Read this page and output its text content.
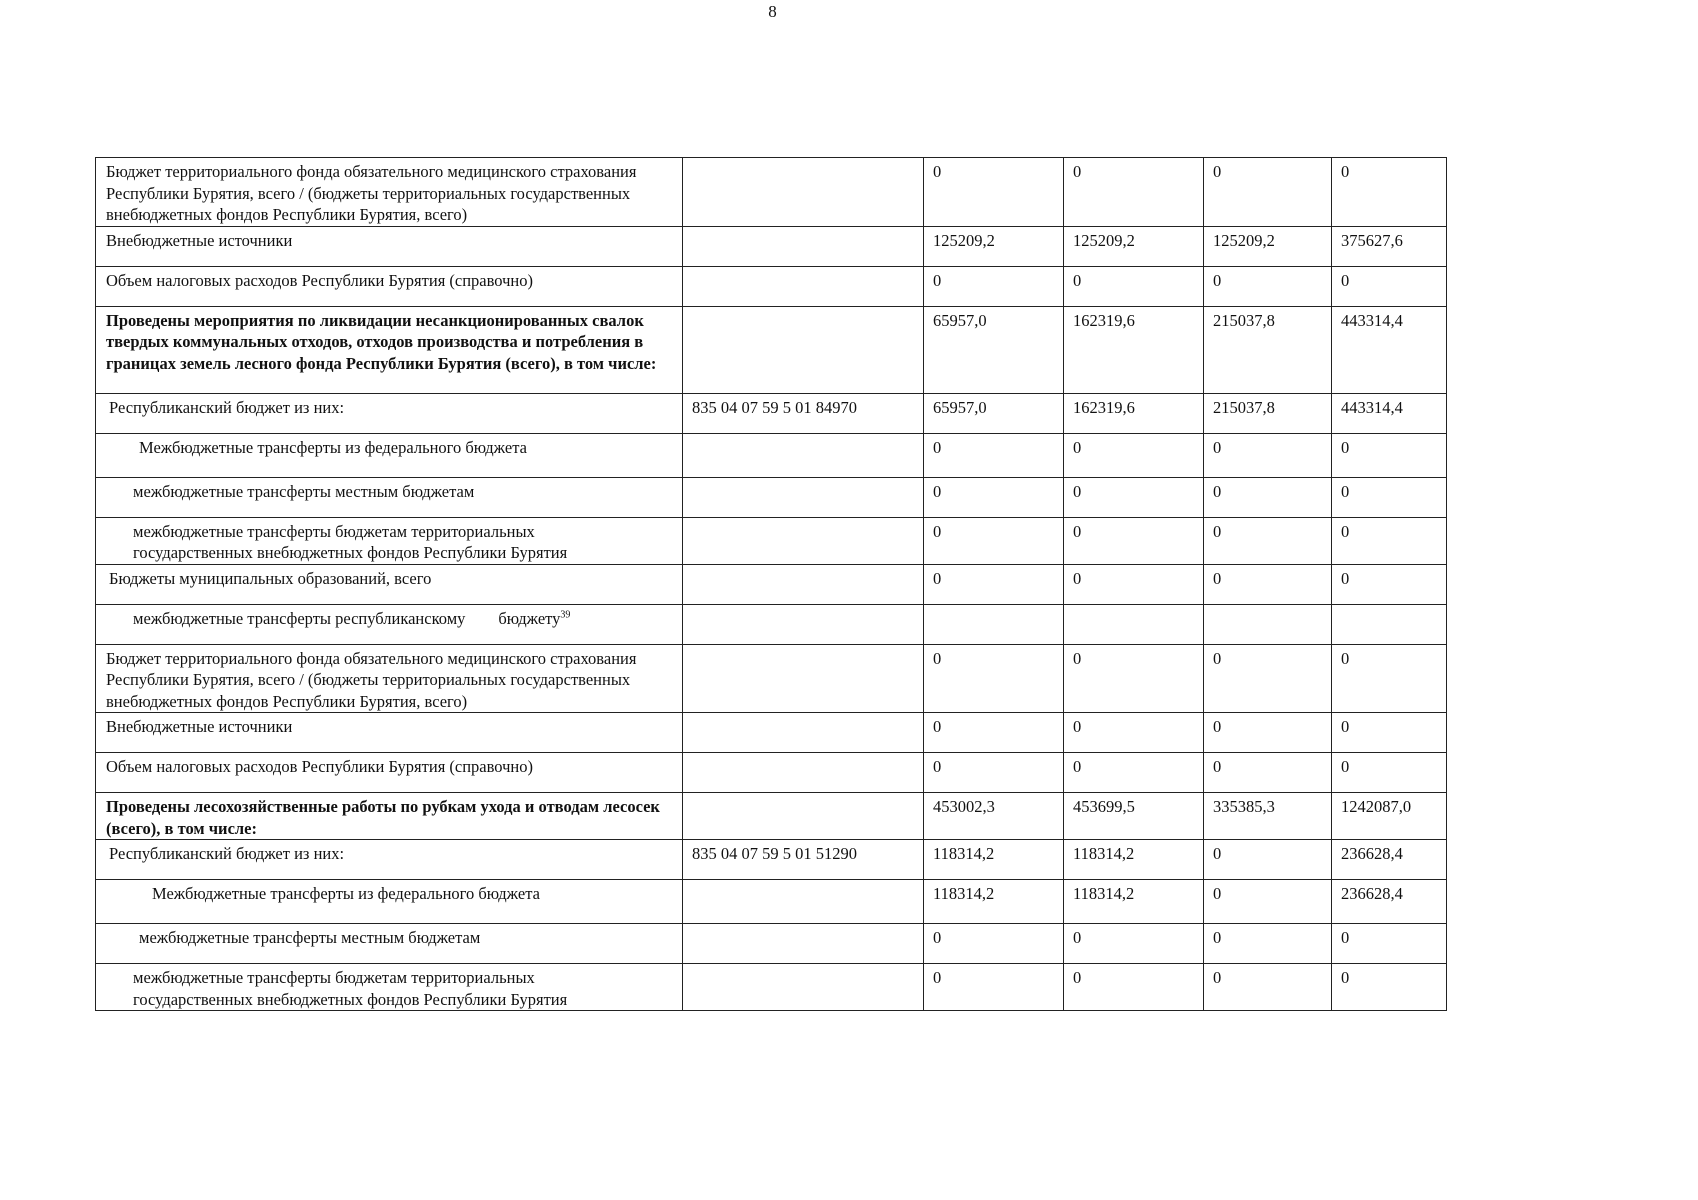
8
Бюджет территориального фонда обязательного медицинского страхования Республики Бурятия, всего / (бюджеты территориальных государственных внебюджетных фондов Республики Бурятия, всего)		0	0	0	0
Внебюджетные источники		125209,2	125209,2	125209,2	375627,6
Объем налоговых расходов Республики Бурятия (справочно)		0	0	0	0
Проведены мероприятия по ликвидации несанкционированных свалок твердых коммунальных отходов, отходов производства и потребления в границах земель лесного фонда Республики Бурятия (всего), в том числе:		65957,0	162319,6	215037,8	443314,4
Республиканский бюджет из них:	835 04 07 59 5 01 84970	65957,0	162319,6	215037,8	443314,4
Межбюджетные трансферты из федерального бюджета		0	0	0	0
межбюджетные трансферты местным бюджетам		0	0	0	0
межбюджетные трансферты бюджетам территориальных государственных внебюджетных фондов Республики Бурятия		0	0	0	0
Бюджеты муниципальных образований, всего		0	0	0	0
межбюджетные трансферты республиканскому        бюджету$^{39}$					
Бюджет территориального фонда обязательного медицинского страхования Республики Бурятия, всего / (бюджеты территориальных государственных внебюджетных фондов Республики Бурятия, всего)		0	0	0	0
Внебюджетные источники		0	0	0	0
Объем налоговых расходов Республики Бурятия (справочно)		0	0	0	0
Проведены лесохозяйственные работы по рубкам ухода и отводам лесосек (всего), в том числе:		453002,3	453699,5	335385,3	1242087,0
Республиканский бюджет из них:	835 04 07 59 5 01 51290	118314,2	118314,2	0	236628,4
Межбюджетные трансферты из федерального бюджета		118314,2	118314,2	0	236628,4
межбюджетные трансферты местным бюджетам		0	0	0	0
межбюджетные трансферты бюджетам территориальных государственных внебюджетных фондов Республики Бурятия		0	0	0	0
